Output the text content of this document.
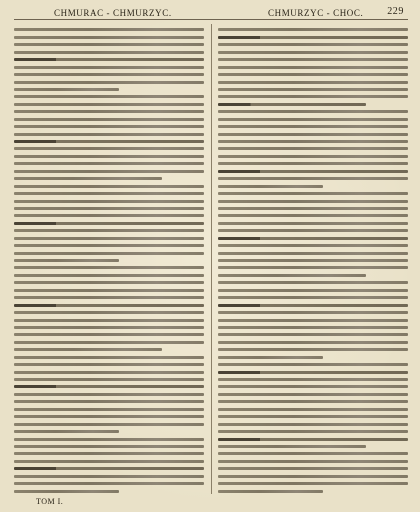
CHMURAC - CHMURZYC.	CHMURZYC - CHOC. 229
TOM I.
